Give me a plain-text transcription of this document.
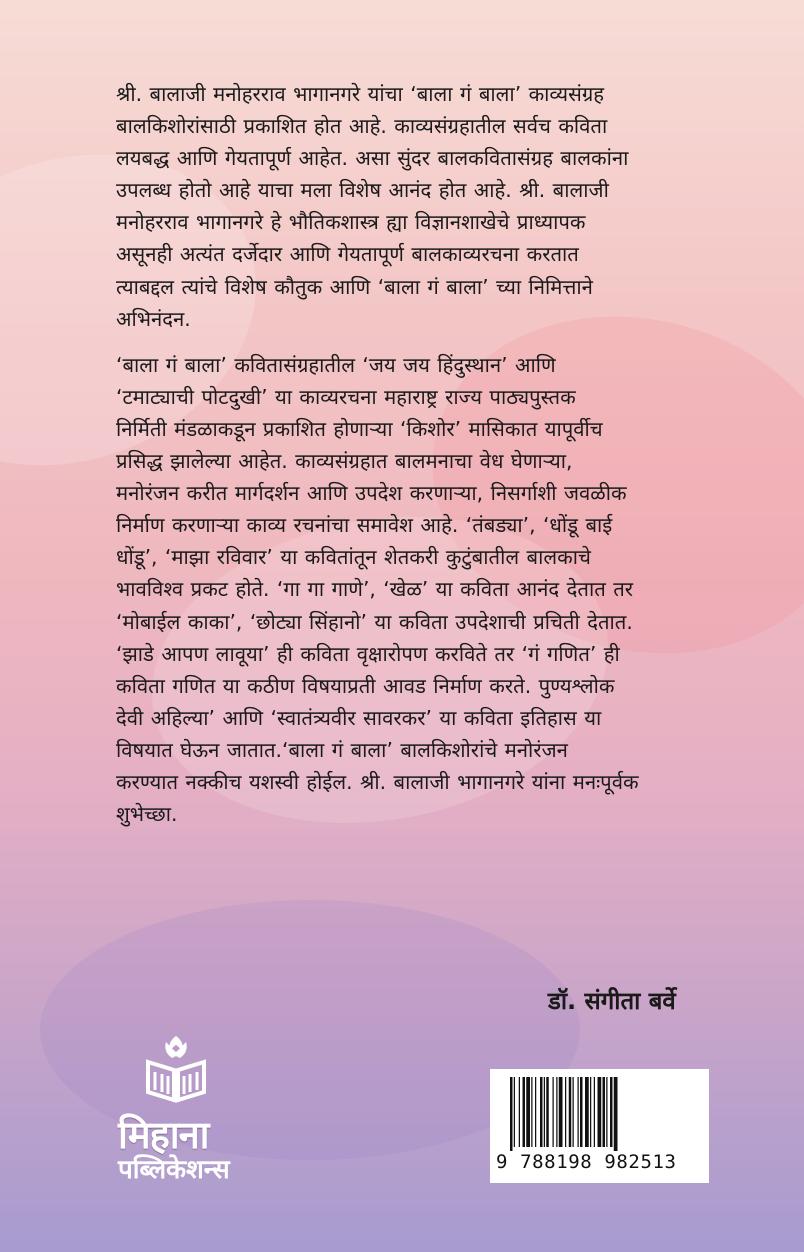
श्री. बालाजी मनोहरराव भागानगरे यांचा ‘बाला गं बाला’ काव्यसंग्रह
बालकिशोरांसाठी प्रकाशित होत आहे. काव्यसंग्रहातील सर्वच कविता
लयबद्ध आणि गेयतापूर्ण आहेत. असा सुंदर बालकवितासंग्रह बालकांना
उपलब्ध होतो आहे याचा मला विशेष आनंद होत आहे. श्री. बालाजी
मनोहरराव भागानगरे हे भौतिकशास्त्र ह्या विज्ञानशाखेचे प्राध्यापक
असूनही अत्यंत दर्जेदार आणि गेयतापूर्ण बालकाव्यरचना करतात
त्याबद्दल त्यांचे विशेष कौतुक आणि ‘बाला गं बाला’ च्या निमित्ताने
अभिनंदन.

‘बाला गं बाला’ कवितासंग्रहातील ‘जय जय हिंदुस्थान’ आणि
‘टमाट्याची पोटदुखी’ या काव्यरचना महाराष्ट्र राज्य पाठ्यपुस्तक
निर्मिती मंडळाकडून प्रकाशित होणाऱ्या ‘किशोर’ मासिकात यापूर्वीच
प्रसिद्ध झालेल्या आहेत. काव्यसंग्रहात बालमनाचा वेध घेणाऱ्या,
मनोरंजन करीत मार्गदर्शन आणि उपदेश करणाऱ्या, निसर्गाशी जवळीक
निर्माण करणाऱ्या काव्य रचनांचा समावेश आहे. ‘तंबड्या’, ‘धोंडू बाई
धोंडू’, ‘माझा रविवार’ या कवितांतून शेतकरी कुटुंबातील बालकाचे
भावविश्व प्रकट होते. ‘गा गा गाणे’, ‘खेळ’ या कविता आनंद देतात तर
‘मोबाईल काका’, ‘छोट्या सिंहानो’ या कविता उपदेशाची प्रचिती देतात.
‘झाडे आपण लावूया’ ही कविता वृक्षारोपण करविते तर ‘गं गणित’ ही
कविता गणित या कठीण विषयाप्रती आवड निर्माण करते. पुण्यश्लोक
देवी अहिल्या’ आणि ‘स्वातंत्र्यवीर सावरकर’ या कविता इतिहास या
विषयात घेऊन जातात.‘बाला गं बाला’ बालकिशोरांचे मनोरंजन
करण्यात नक्कीच यशस्वी होईल. श्री. बालाजी भागानगरे यांना मनःपूर्वक
शुभेच्छा.

डॉ. संगीता बर्वे
मिहाना
पब्लिकेशन्स	9 788198 982513
